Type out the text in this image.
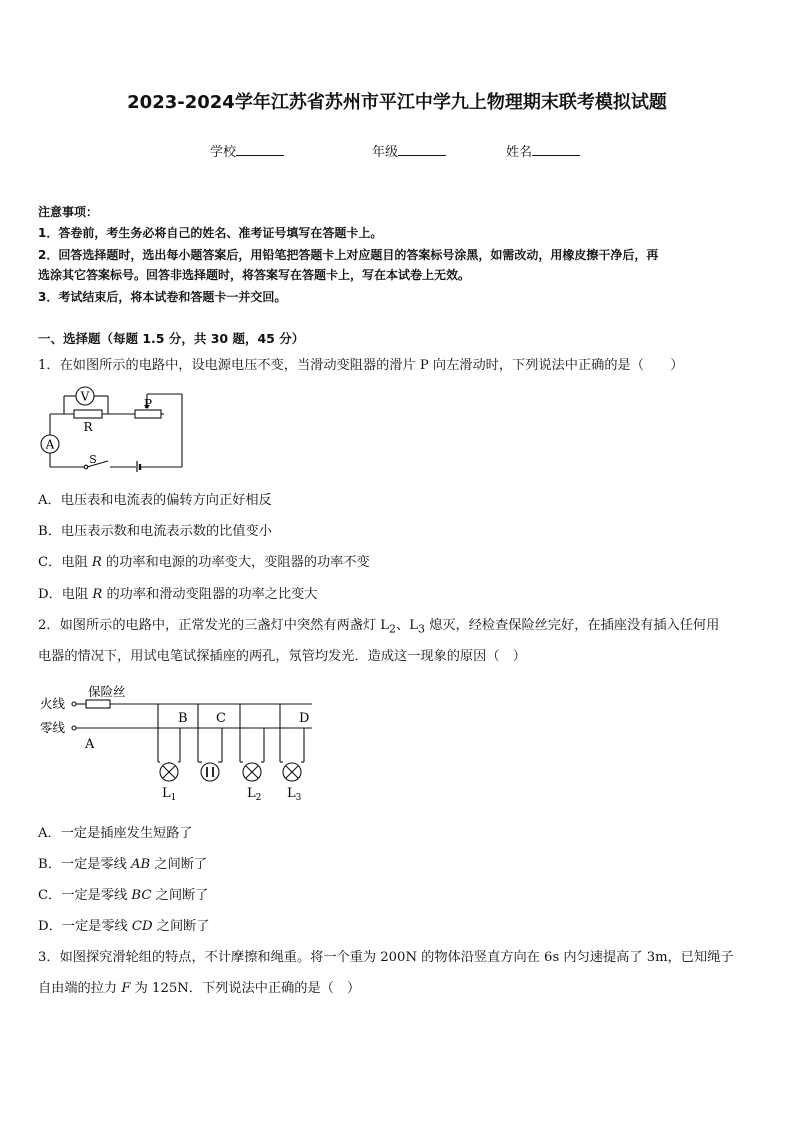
2023-2024学年江苏省苏州市平江中学九上物理期末联考模拟试题
学校	年级	姓名
注意事项：
1．答卷前，考生务必将自己的姓名、准考证号填写在答题卡上。
2．回答选择题时，选出每小题答案后，用铅笔把答题卡上对应题目的答案标号涂黑，如需改动，用橡皮擦干净后，再
选涂其它答案标号。回答非选择题时，将答案写在答题卡上，写在本试卷上无效。
3．考试结束后，将本试卷和答题卡一并交回。
一、选择题（每题 1.5 分，共 30 题，45 分）
1．在如图所示的电路中，设电源电压不变，当滑动变阻器的滑片 P 向左滑动时，下列说法中正确的是（　　）
V
A
R
P
S
A．电压表和电流表的偏转方向正好相反
B．电压表示数和电流表示数的比值变小
C．电阻 R 的功率和电源的功率变大，变阻器的功率不变
D．电阻 R 的功率和滑动变阻器的功率之比变大
2．如图所示的电路中，正常发光的三盏灯中突然有两盏灯 $L_2$、$L_3$ 熄灭，经检查保险丝完好，在插座没有插入任何用
电器的情况下，用试电笔试探插座的两孔，氖管均发光．造成这一现象的原因（　）
火线
保险丝
零线
A
B C	D
$L_1$	$L_2$ $L_3$
A．一定是插座发生短路了
B．一定是零线 AB 之间断了
C．一定是零线 BC 之间断了
D．一定是零线 CD 之间断了
3．如图探究滑轮组的特点，不计摩擦和绳重。将一个重为 200N 的物体沿竖直方向在 6s 内匀速提高了 3m，已知绳子
自由端的拉力 F 为 125N．下列说法中正确的是（　）
